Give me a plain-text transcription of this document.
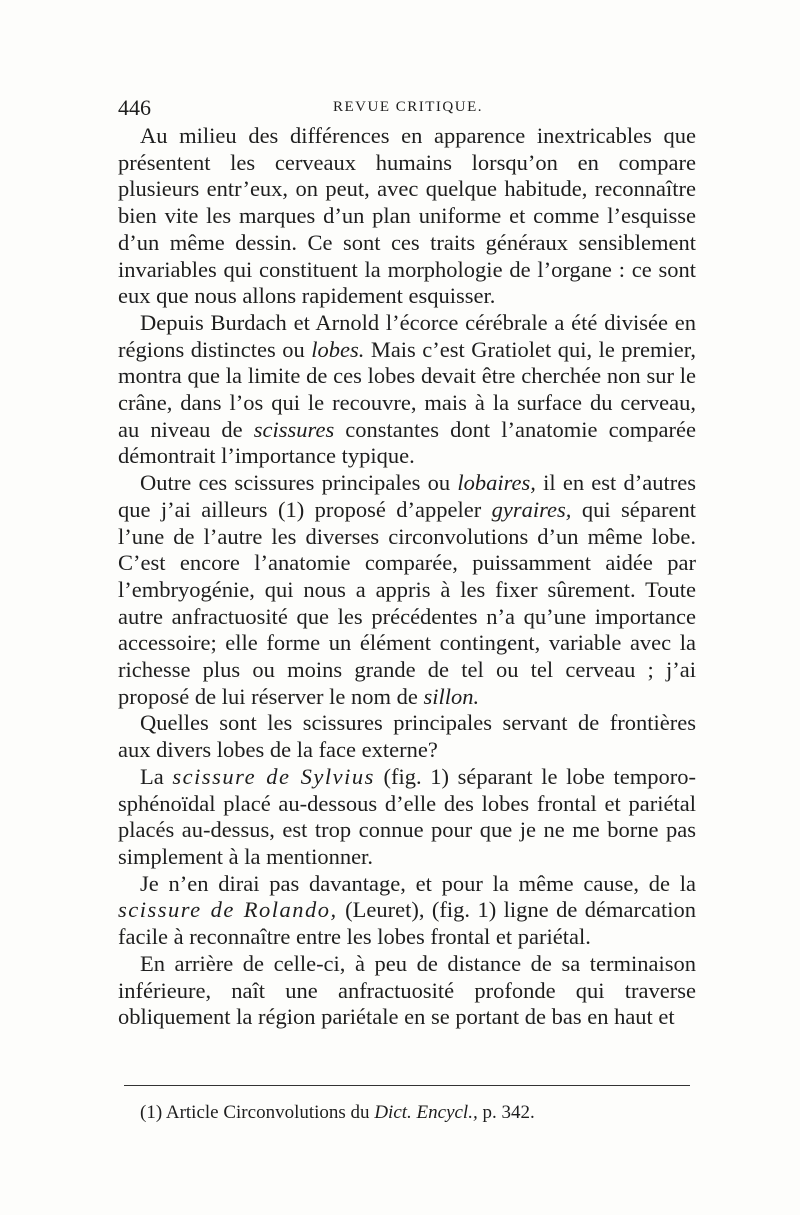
446	REVUE CRITIQUE.

Au milieu des différences en apparence inextricables que présentent les cerveaux humains lorsqu’on en compare plusieurs entr’eux, on peut, avec quelque habitude, reconnaître bien vite les marques d’un plan uniforme et comme l’esquisse d’un même dessin. Ce sont ces traits généraux sensiblement invariables qui constituent la morphologie de l’organe : ce sont eux que nous allons rapidement esquisser.

Depuis Burdach et Arnold l’écorce cérébrale a été divisée en régions distinctes ou lobes. Mais c’est Gratiolet qui, le premier, montra que la limite de ces lobes devait être cherchée non sur le crâne, dans l’os qui le recouvre, mais à la surface du cerveau, au niveau de scissures constantes dont l’anatomie comparée démontrait l’importance typique.

Outre ces scissures principales ou lobaires, il en est d’autres que j’ai ailleurs (1) proposé d’appeler gyraires, qui séparent l’une de l’autre les diverses circonvolutions d’un même lobe. C’est encore l’anatomie comparée, puissamment aidée par l’embryogénie, qui nous a appris à les fixer sûrement. Toute autre anfractuosité que les précédentes n’a qu’une importance accessoire; elle forme un élément contingent, variable avec la richesse plus ou moins grande de tel ou tel cerveau ; j’ai proposé de lui réserver le nom de sillon.

Quelles sont les scissures principales servant de frontières aux divers lobes de la face externe?

La scissure de Sylvius (fig. 1) séparant le lobe temporo-sphénoïdal placé au-dessous d’elle des lobes frontal et pariétal placés au-dessus, est trop connue pour que je ne me borne pas simplement à la mentionner.

Je n’en dirai pas davantage, et pour la même cause, de la scissure de Rolando, (Leuret), (fig. 1) ligne de démarcation facile à reconnaître entre les lobes frontal et pariétal.

En arrière de celle-ci, à peu de distance de sa terminaison inférieure, naît une anfractuosité profonde qui traverse obliquement la région pariétale en se portant de bas en haut et

(1) Article Circonvolutions du Dict. Encycl., p. 342.
